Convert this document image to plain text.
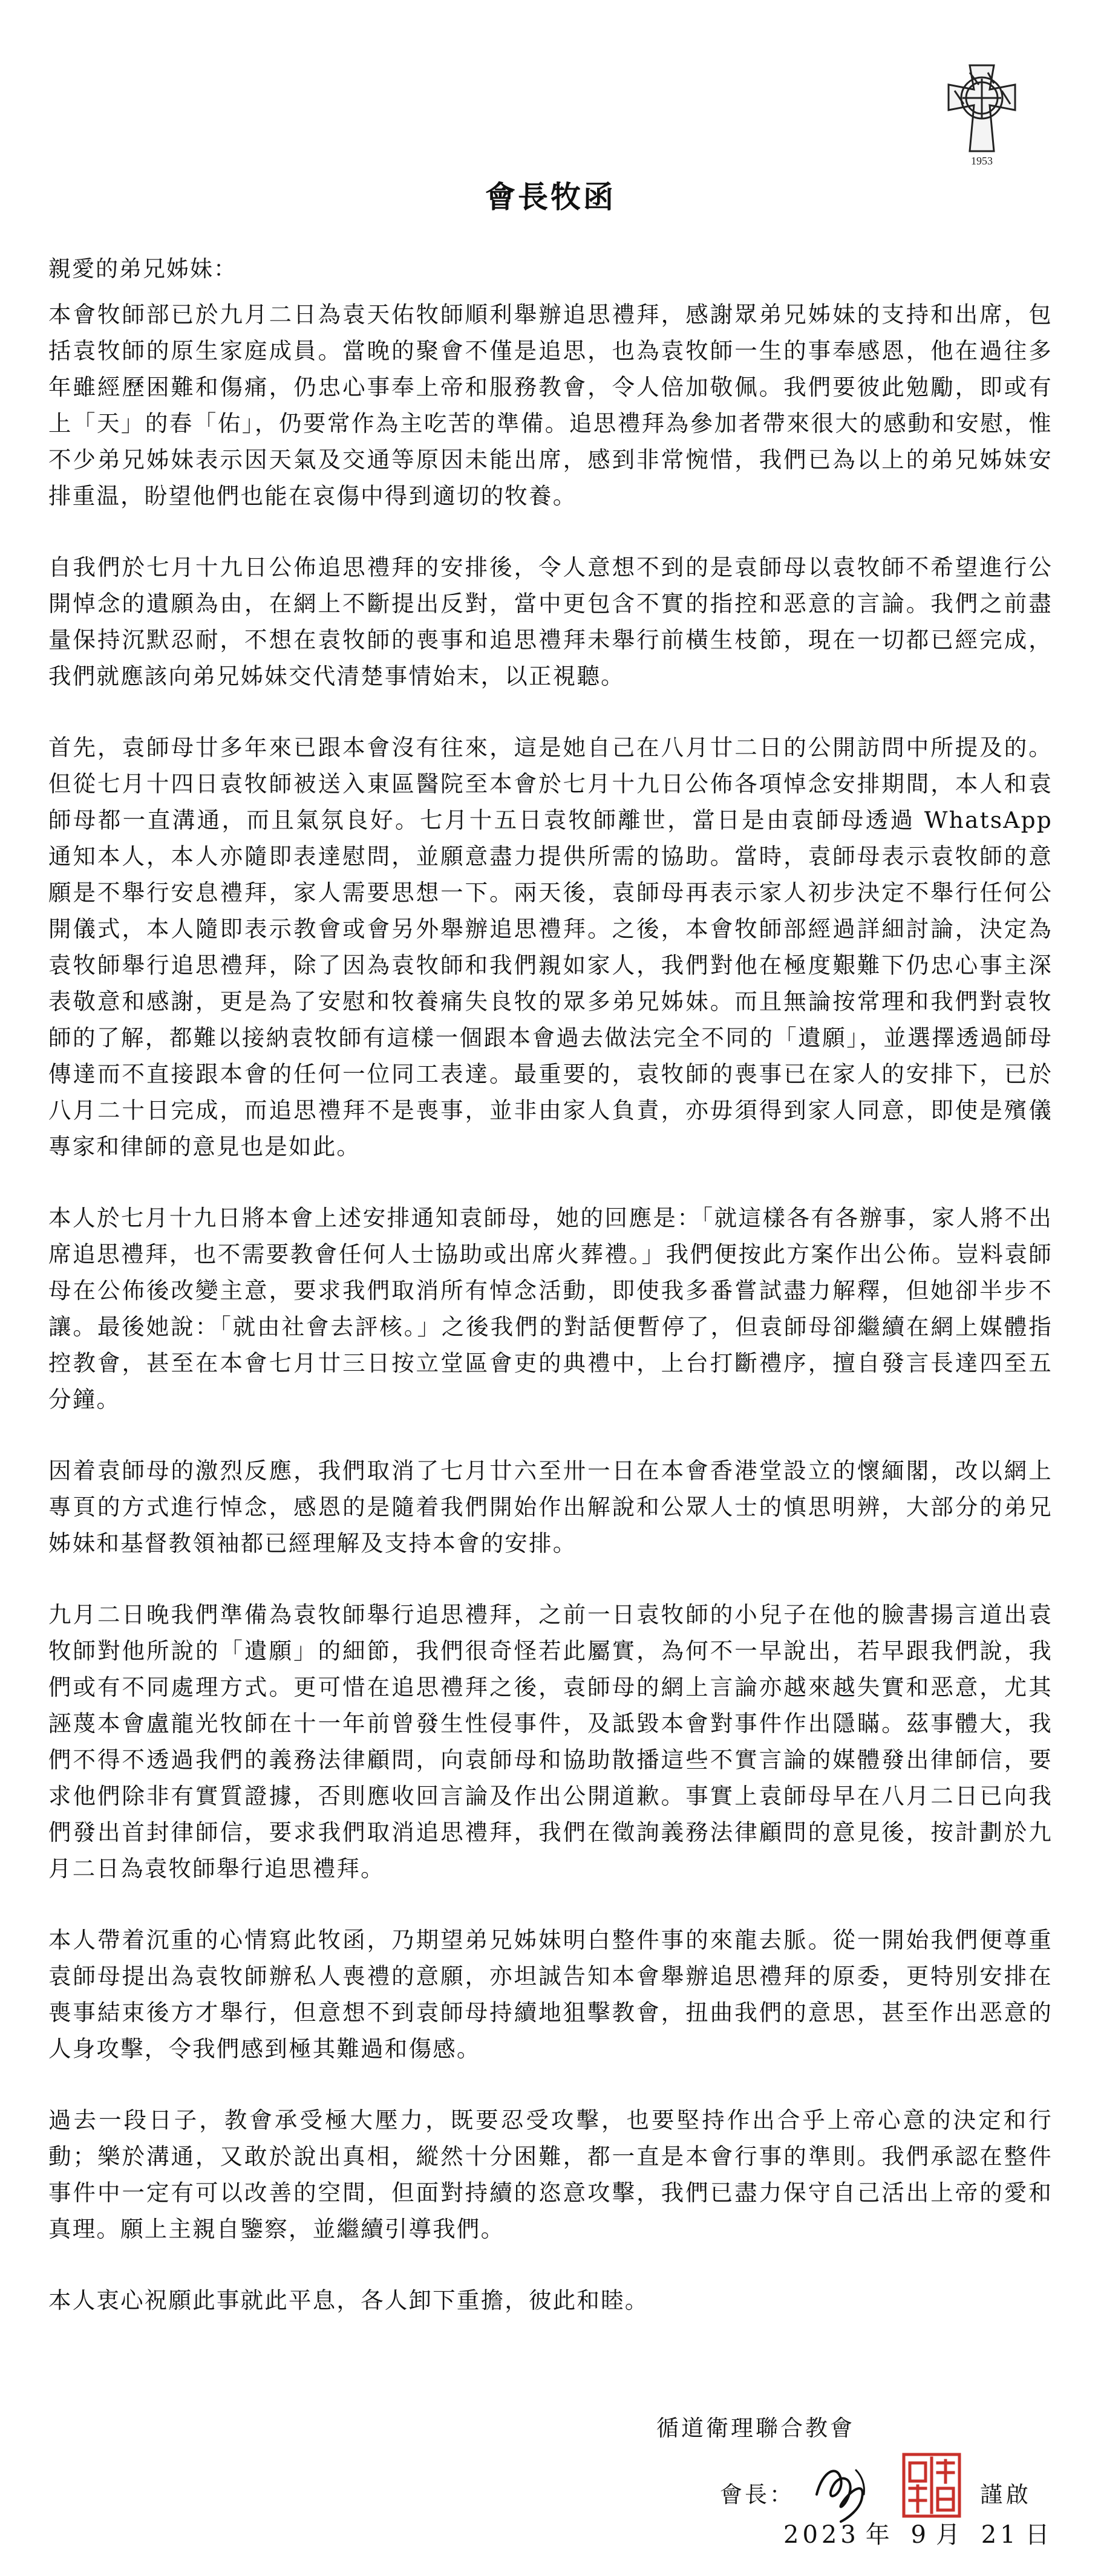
1953
會長牧函
親愛的弟兄姊妹：

本會牧師部已於九月二日為袁天佑牧師順利舉辦追思禮拜，感謝眾弟兄姊妹的支持和出席，包括袁牧師的原生家庭成員。當晚的聚會不僅是追思，也為袁牧師一生的事奉感恩，他在過往多年雖經歷困難和傷痛，仍忠心事奉上帝和服務教會，令人倍加敬佩。我們要彼此勉勵，即或有上「天」的春「佑」，仍要常作為主吃苦的準備。追思禮拜為參加者帶來很大的感動和安慰，惟不少弟兄姊妹表示因天氣及交通等原因未能出席，感到非常惋惜，我們已為以上的弟兄姊妹安排重温，盼望他們也能在哀傷中得到適切的牧養。

自我們於七月十九日公佈追思禮拜的安排後，令人意想不到的是袁師母以袁牧師不希望進行公開悼念的遺願為由，在網上不斷提出反對，當中更包含不實的指控和恶意的言論。我們之前盡量保持沉默忍耐，不想在袁牧師的喪事和追思禮拜未舉行前橫生枝節，現在一切都已經完成，我們就應該向弟兄姊妹交代清楚事情始末，以正視聽。

首先，袁師母廿多年來已跟本會沒有往來，這是她自己在八月廿二日的公開訪問中所提及的。但從七月十四日袁牧師被送入東區醫院至本會於七月十九日公佈各項悼念安排期間，本人和袁師母都一直溝通，而且氣氛良好。七月十五日袁牧師離世，當日是由袁師母透過 WhatsApp 通知本人，本人亦隨即表達慰問，並願意盡力提供所需的協助。當時，袁師母表示袁牧師的意願是不舉行安息禮拜，家人需要思想一下。兩天後，袁師母再表示家人初步決定不舉行任何公開儀式，本人隨即表示教會或會另外舉辦追思禮拜。之後，本會牧師部經過詳細討論，決定為袁牧師舉行追思禮拜，除了因為袁牧師和我們親如家人，我們對他在極度艱難下仍忠心事主深表敬意和感謝，更是為了安慰和牧養痛失良牧的眾多弟兄姊妹。而且無論按常理和我們對袁牧師的了解，都難以接納袁牧師有這樣一個跟本會過去做法完全不同的「遺願」，並選擇透過師母傳達而不直接跟本會的任何一位同工表達。最重要的，袁牧師的喪事已在家人的安排下，已於八月二十日完成，而追思禮拜不是喪事，並非由家人負責，亦毋須得到家人同意，即使是殯儀專家和律師的意見也是如此。

本人於七月十九日將本會上述安排通知袁師母，她的回應是：「就這樣各有各辦事，家人將不出席追思禮拜，也不需要教會任何人士協助或出席火葬禮。」我們便按此方案作出公佈。豈料袁師母在公佈後改變主意，要求我們取消所有悼念活動，即使我多番嘗試盡力解釋，但她卻半步不讓。最後她說：「就由社會去評核。」之後我們的對話便暫停了，但袁師母卻繼續在網上媒體指控教會，甚至在本會七月廿三日按立堂區會吏的典禮中，上台打斷禮序，擅自發言長達四至五分鐘。

因着袁師母的激烈反應，我們取消了七月廿六至卅一日在本會香港堂設立的懷緬閣，改以網上專頁的方式進行悼念，感恩的是隨着我們開始作出解說和公眾人士的慎思明辨，大部分的弟兄姊妹和基督教領袖都已經理解及支持本會的安排。

九月二日晚我們準備為袁牧師舉行追思禮拜，之前一日袁牧師的小兒子在他的臉書揚言道出袁牧師對他所說的「遺願」的細節，我們很奇怪若此屬實，為何不一早說出，若早跟我們說，我們或有不同處理方式。更可惜在追思禮拜之後，袁師母的網上言論亦越來越失實和恶意，尤其誣蔑本會盧龍光牧師在十一年前曾發生性侵事件，及詆毀本會對事件作出隱瞞。茲事體大，我們不得不透過我們的義務法律顧問，向袁師母和協助散播這些不實言論的媒體發出律師信，要求他們除非有實質證據，否則應收回言論及作出公開道歉。事實上袁師母早在八月二日已向我們發出首封律師信，要求我們取消追思禮拜，我們在徵詢義務法律顧問的意見後，按計劃於九月二日為袁牧師舉行追思禮拜。

本人帶着沉重的心情寫此牧函，乃期望弟兄姊妹明白整件事的來龍去脈。從一開始我們便尊重袁師母提出為袁牧師辦私人喪禮的意願，亦坦誠告知本會舉辦追思禮拜的原委，更特別安排在喪事結束後方才舉行，但意想不到袁師母持續地狙擊教會，扭曲我們的意思，甚至作出恶意的人身攻擊，令我們感到極其難過和傷感。

過去一段日子，教會承受極大壓力，既要忍受攻擊，也要堅持作出合乎上帝心意的決定和行動；樂於溝通，又敢於說出真相，縱然十分困難，都一直是本會行事的準則。我們承認在整件事件中一定有可以改善的空間，但面對持續的恣意攻擊，我們已盡力保守自己活出上帝的愛和真理。願上主親自鑒察，並繼續引導我們。

本人衷心祝願此事就此平息，各人卸下重擔，彼此和睦。

循道衛理聯合教會
會長：	謹啟
2023 年 9 月 21 日
